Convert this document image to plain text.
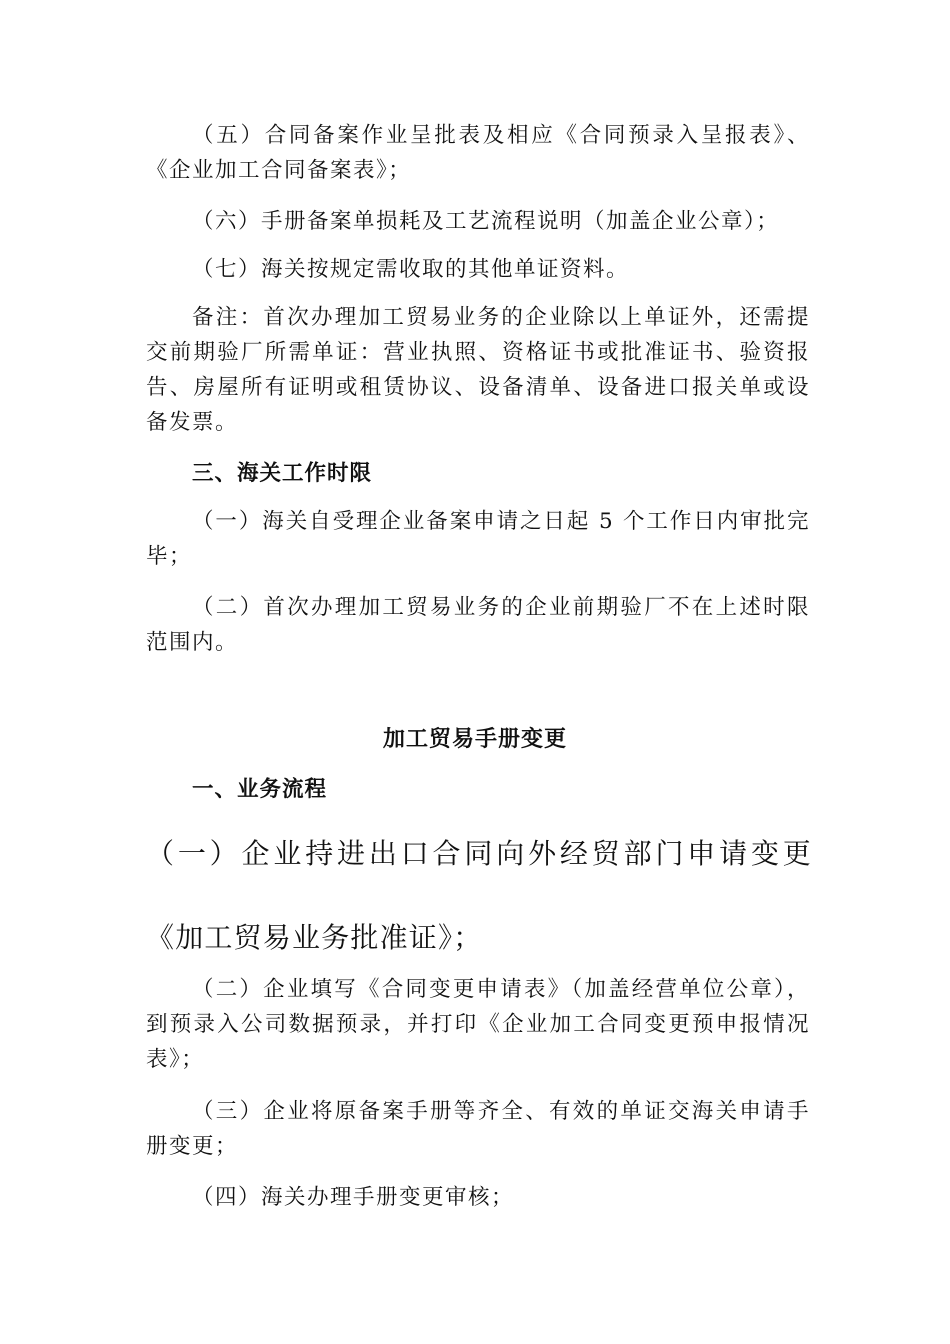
（五）合同备案作业呈批表及相应《合同预录入呈报表》、《企业加工合同备案表》；

（六）手册备案单损耗及工艺流程说明（加盖企业公章）；

（七）海关按规定需收取的其他单证资料。

备注：首次办理加工贸易业务的企业除以上单证外，还需提交前期验厂所需单证：营业执照、资格证书或批准证书、验资报告、房屋所有证明或租赁协议、设备清单、设备进口报关单或设备发票。

三、海关工作时限

（一）海关自受理企业备案申请之日起 5 个工作日内审批完毕；

（二）首次办理加工贸易业务的企业前期验厂不在上述时限范围内。

加工贸易手册变更

一、业务流程

（一）企业持进出口合同向外经贸部门申请变更《加工贸易业务批准证》；

（二）企业填写《合同变更申请表》（加盖经营单位公章），到预录入公司数据预录，并打印《企业加工合同变更预申报情况表》；

（三）企业将原备案手册等齐全、有效的单证交海关申请手册变更；

（四）海关办理手册变更审核；
